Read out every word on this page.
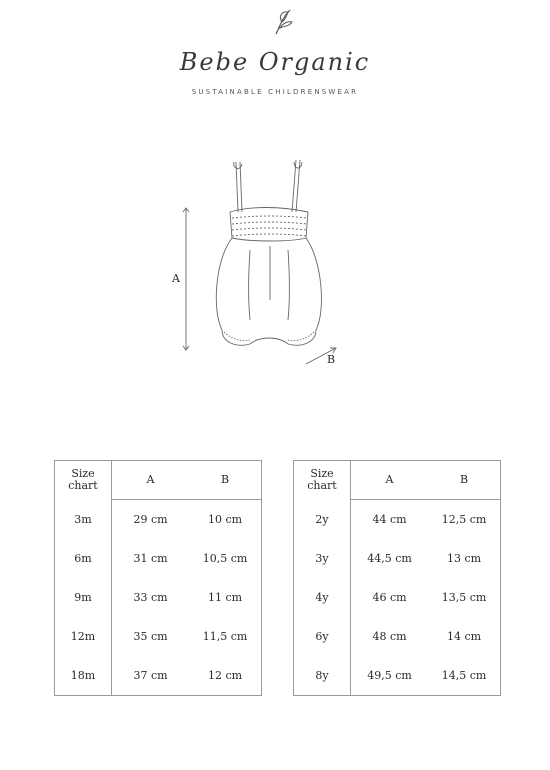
Bebe Organic
SUSTAINABLE CHILDRENSWEAR
A
B
Size
chart	A	B
3m	29 cm	10 cm
6m	31 cm	10,5 cm
9m	33 cm	11 cm
12m	35 cm	11,5 cm
18m	37 cm	12 cm
Size
chart	A	B
2y	44 cm	12,5 cm
3y	44,5 cm	13 cm
4y	46 cm	13,5 cm
6y	48 cm	14 cm
8y	49,5 cm	14,5 cm
